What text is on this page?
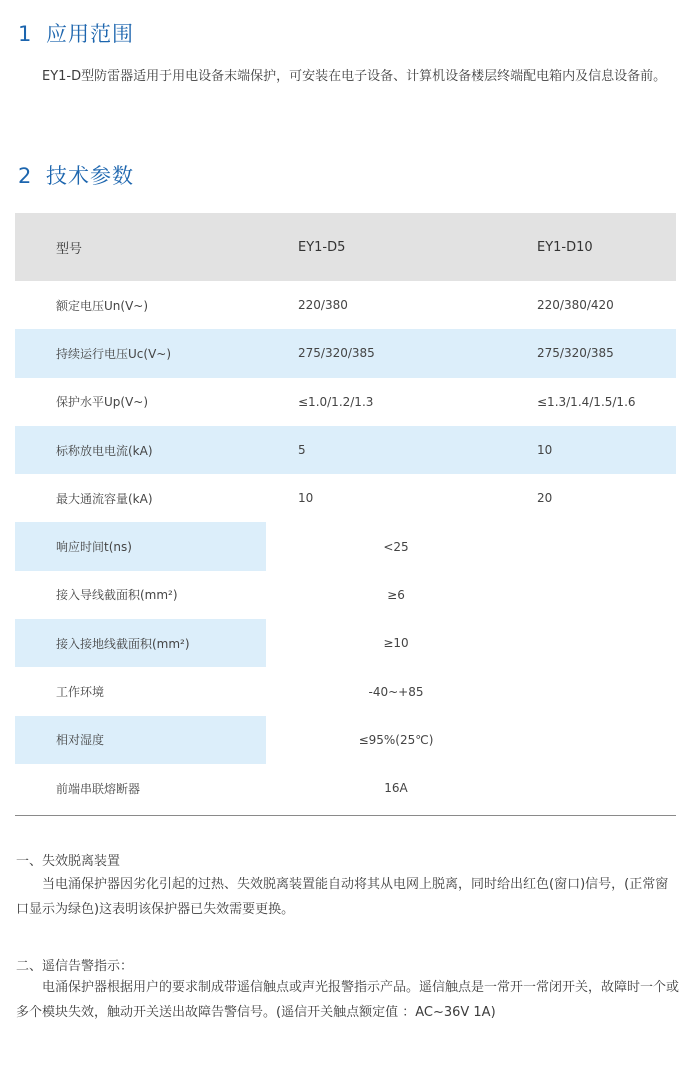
1 应用范围

EY1-D型防雷器适用于用电设备末端保护，可安装在电子设备、计算机设备楼层终端配电箱内及信息设备前。

2 技术参数
型号	EY1-D5	EY1-D10
额定电压Un(V~)	220/380	220/380/420
持续运行电压Uc(V~)	275/320/385	275/320/385
保护水平Up(V~)	≤1.0/1.2/1.3	≤1.3/1.4/1.5/1.6
标称放电电流(kA)	5	10
最大通流容量(kA)	10	20
响应时间t(ns)	<25	
接入导线截面积(mm²)	≥6	
接入接地线截面积(mm²)	≥10	
工作环境	-40~+85	
相对湿度	≤95%(25℃)	
前端串联熔断器	16A	

一、失效脱离装置

当电涌保护器因劣化引起的过热、失效脱离装置能自动将其从电网上脱离，同时给出红色(窗口)信号，(正常窗口显示为绿色)这表明该保护器已失效需要更换。

二、遥信告警指示：

电涌保护器根据用户的要求制成带遥信触点或声光报警指示产品。遥信触点是一常开一常闭开关，故障时一个或多个模块失效，触动开关送出故障告警信号。(遥信开关触点额定值 ：AC~36V 1A)
